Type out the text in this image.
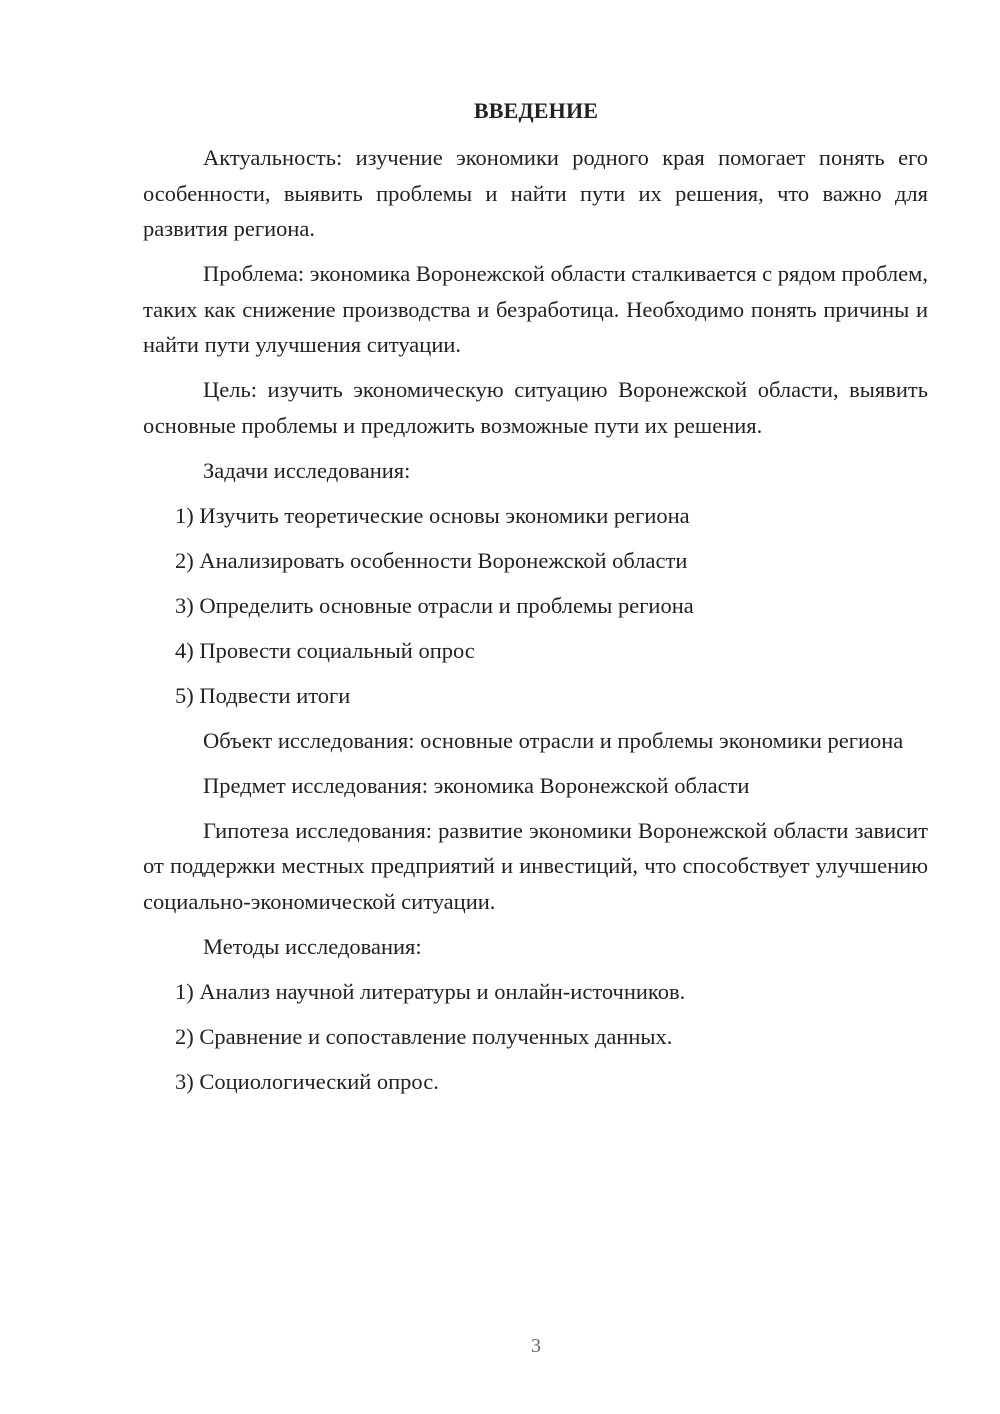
ВВЕДЕНИЕ

Актуальность: изучение экономики родного края помогает понять его особенности, выявить проблемы и найти пути их решения, что важно для развития региона.

Проблема: экономика Воронежской области сталкивается с рядом проблем, таких как снижение производства и безработица. Необходимо понять причины и найти пути улучшения ситуации.

Цель: изучить экономическую ситуацию Воронежской области, выявить основные проблемы и предложить возможные пути их решения.

Задачи исследования:

1) Изучить теоретические основы экономики региона

2) Анализировать особенности Воронежской области

3) Определить основные отрасли и проблемы региона

4) Провести социальный опрос

5) Подвести итоги

Объект исследования: основные отрасли и проблемы экономики региона

Предмет исследования: экономика Воронежской области

Гипотеза исследования: развитие экономики Воронежской области зависит от поддержки местных предприятий и инвестиций, что способствует улучшению социально-экономической ситуации.

Методы исследования:

1) Анализ научной литературы и онлайн-источников.

2) Сравнение и сопоставление полученных данных.

3) Социологический опрос.

3
